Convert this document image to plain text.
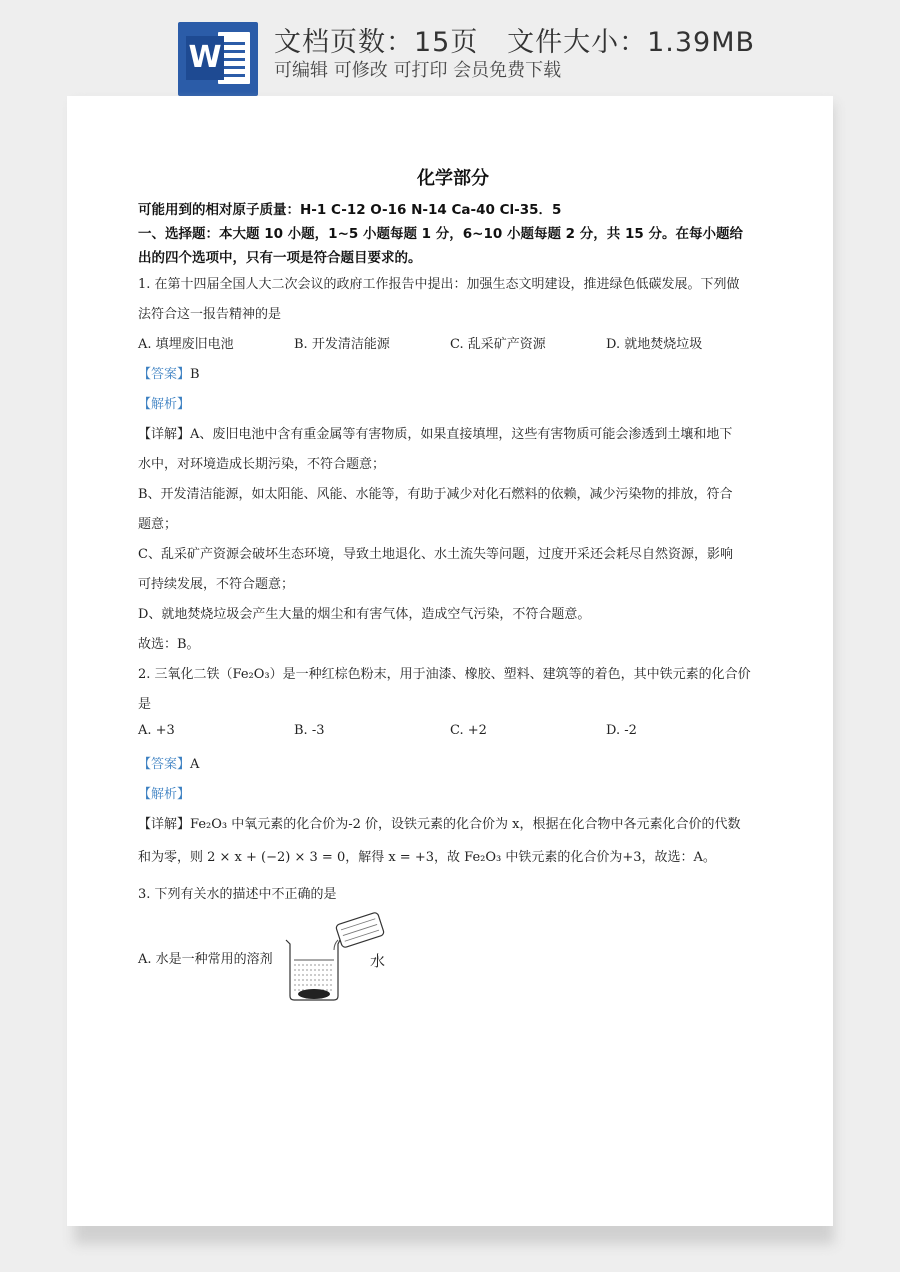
W 文档页数：15页   文件大小：1.39MB
可编辑 可修改 可打印 会员免费下载
化学部分
可能用到的相对原子质量：H-1 C-12 O-16 N-14 Ca-40 Cl-35．5
一、选择题：本大题 10 小题，1~5 小题每题 1 分，6~10 小题每题 2 分，共 15 分。在每小题给
出的四个选项中，只有一项是符合题目要求的。
1. 在第十四届全国人大二次会议的政府工作报告中提出：加强生态文明建设，推进绿色低碳发展。下列做
法符合这一报告精神的是
A. 填埋废旧电池	B. 开发清洁能源	C. 乱采矿产资源	D. 就地焚烧垃圾
【答案】B
【解析】
【详解】A、废旧电池中含有重金属等有害物质，如果直接填埋，这些有害物质可能会渗透到土壤和地下
水中，对环境造成长期污染，不符合题意；
B、开发清洁能源，如太阳能、风能、水能等，有助于减少对化石燃料的依赖，减少污染物的排放，符合
题意；
C、乱采矿产资源会破坏生态环境，导致土地退化、水土流失等问题，过度开采还会耗尽自然资源，影响
可持续发展，不符合题意；
D、就地焚烧垃圾会产生大量的烟尘和有害气体，造成空气污染，不符合题意。
故选：B。
2. 三氧化二铁（Fe₂O₃）是一种红棕色粉末，用于油漆、橡胶、塑料、建筑等的着色，其中铁元素的化合价
是
A. +3	B. -3	C. +2	D. -2
【答案】A
【解析】
【详解】Fe₂O₃ 中氧元素的化合价为-2 价，设铁元素的化合价为 x，根据在化合物中各元素化合价的代数
和为零，则 2 × x + (−2) × 3 = 0，解得 x = +3，故 Fe₂O₃ 中铁元素的化合价为+3，故选：A。
3. 下列有关水的描述中不正确的是
A. 水是一种常用的溶剂	水
